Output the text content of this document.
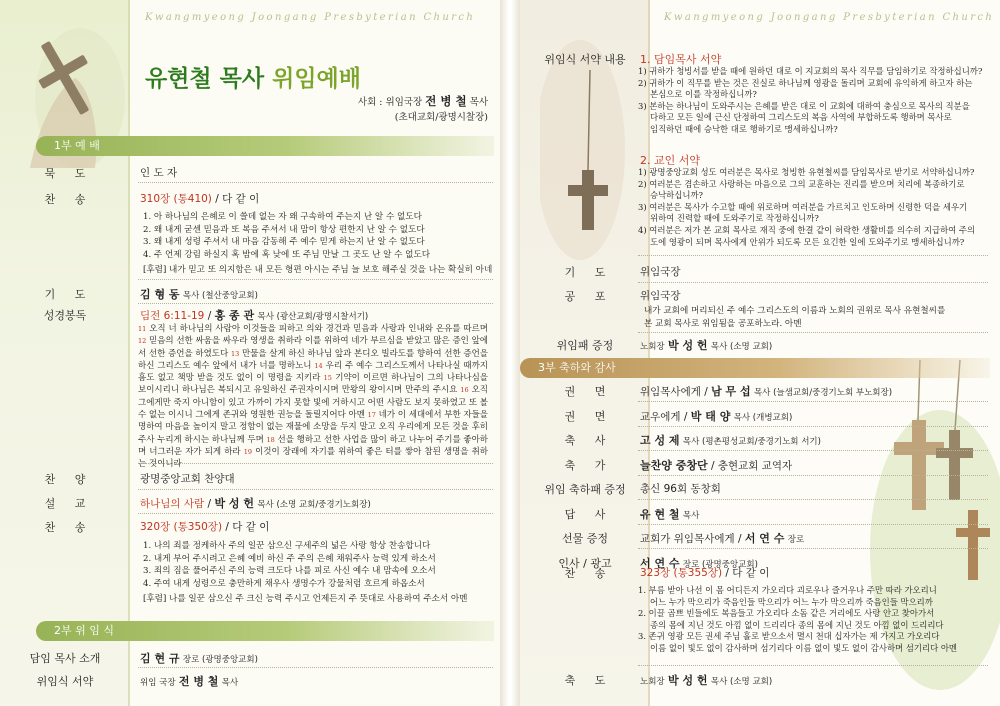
Kwangmyeong Joongang Presbyterian Church
유현철 목사 위임예배
사회 : 위임국장 전 병 철 목사
(초대교회/광명시찰장)
1부 예 배
묵 도	인 도 자
찬 송	310장 (통410) / 다 같 이
1. 아 하나님의 은혜로 이 쓸데 없는 자 왜 구속하여 주는지 난 알 수 없도다
2. 왜 내게 굳센 믿음과 또 복음 주셔서 내 맘이 항상 편한지 난 알 수 없도다
3. 왜 내게 성령 주셔서 내 마음 감동해 주 예수 믿게 하는지 난 알 수 없도다
4. 주 언제 강림 하실지 혹 밤에 혹 낮에 또 주님 만날 그 곳도 난 알 수 없도다
[후렴] 내가 믿고 또 의지함은 내 모든 형편 아시는 주님 늘 보호 해주실 것을 나는 확실히 아네
기 도	김 형 동 목사 (철산중앙교회)
성경봉독	딤전 6:11-19 / 홍 종 관 목사 (광산교회/광명시찰서기)
11 오직 너 하나님의 사람아 이것들을 피하고 의와 경건과 믿음과 사랑과 인내와 온유를 따르며 12 믿음의 선한 싸움을 싸우라 영생을 취하라 이를 위하여 네가 부르심을 받았고 많은 증인 앞에서 선한 증언을 하였도다 13 만물을 살게 하신 하나님 앞과 본디오 빌라도를 향하여 선한 증언을 하신 그리스도 예수 앞에서 내가 너를 명하노니 14 우리 주 예수 그리스도께서 나타나실 때까지 흠도 없고 책망 받을 것도 없이 이 명령을 지키라 15 기약이 이르면 하나님이 그의 나타나심을 보이시리니 하나님은 복되시고 유일하신 주권자이시며 만왕의 왕이시며 만주의 주시요 16 오직 그에게만 죽지 아니함이 있고 가까이 가지 못할 빛에 거하시고 어떤 사람도 보지 못하였고 또 볼 수 없는 이시니 그에게 존귀와 영원한 권능을 돌릴지어다 아멘 17 네가 이 세대에서 부한 자들을 명하여 마음을 높이지 말고 정함이 없는 재물에 소망을 두지 말고 오직 우리에게 모든 것을 후히 주사 누리게 하시는 하나님께 두며 18 선을 행하고 선한 사업을 많이 하고 나누어 주기를 좋아하며 너그러운 자가 되게 하라 19 이것이 장래에 자기를 위하여 좋은 터를 쌓아 참된 생명을 취하는 것이니라
찬 양	광명중앙교회 찬양대
설 교	하나님의 사람 / 박 성 헌 목사 (소명 교회/중경기노회장)
찬 송	320장 (통350장) / 다 같 이
1. 나의 죄를 정케하사 주의 일꾼 삼으신 구세주의 넓은 사랑 항상 찬송합니다
2. 내게 부어 주시려고 은혜 예비 하신 주 주의 은혜 채워주사 능력 있게 하소서
3. 죄의 짐을 풀어주신 주의 능력 크도다 나를 피로 사신 예수 내 맘속에 오소서
4. 주여 내게 성령으로 충만하게 채우사 생명수가 강물처럼 흐르게 하옵소서
[후렴] 나를 일꾼 삼으신 주 크신 능력 주시고 언제든지 주 뜻대로 사용하여 주소서 아멘
2부 위 임 식
담임 목사 소개	김 현 규 장로 (광명중앙교회)
위임식 서약	위임 국장 전 병 철 목사
Kwangmyeong Joongang Presbyterian Church
위임식 서약 내용	1. 담임목사 서약
1) 귀하가 청빙서를 받을 때에 원하던 대로 이 지교회의 목사 직무를 담임하기로 작정하십니까?
2) 귀하가 이 직무를 받는 것은 진실로 하나님께 영광을 돌리며 교회에 유익하게 하고자 하는
본심으로 이를 작정하십니까?
3) 본하는 하나님이 도와주시는 은혜를 받은 대로 이 교회에 대하여 충심으로 목사의 직분을
다하고 모든 일에 근신 단정하여 그리스도의 복음 사역에 부합하도록 행하며 목사로
임직하던 때에 승낙한 대로 행하기로 맹세하십니까?
2. 교인 서약
1) 광명중앙교회 성도 여러분은 목사로 청빙한 유현철씨를 담임목사로 받기로 서약하십니까?
2) 여러분은 겸손하고 사랑하는 마음으로 그의 교훈하는 진리를 받으며 치리에 복종하기로
승낙하십니까?
3) 여러분은 목사가 수고할 때에 위로하며 여러분을 가르치고 인도하며 신령한 덕을 세우기
위하여 진력할 때에 도와주기로 작정하십니까?
4) 여러분은 저가 본 교회 목사로 재직 중에 한결 같이 허락한 생활비를 의수히 지급하여 주의
도에 영광이 되며 목사에게 안위가 되도록 모든 요긴한 일에 도와주기로 맹세하십니까?
기 도	위임국장
공 포	위임국장
내가 교회에 머리되신 주 예수 그리스도의 이름과 노회의 권위로 목사 유현철씨를
본 교회 목사로 위임됨을 공포하노라. 아멘
위임패 증정	노회장 박 성 헌 목사 (소명 교회)
3부 축하와 감사
권 면	위임목사에게 / 남 무 섭 목사 (늘샘교회/중경기노회 부노회장)
권 면	교우에게 / 박 태 양 목사 (개병교회)
축 사	고 성 제 목사 (평촌평성교회/중경기노회 서기)
축 가	늘찬양 중창단 / 충현교회 교역자
위임 축하패 증정	총신 96회 동창회
답 사	유 현 철 목사
선물 증정	교회가 위임목사에게 / 서 연 수 장로
인사 / 광고	서 연 수 장로 (광명중앙교회)
찬 송	323장 (통355장) / 다 같 이
1. 부름 받아 나선 이 몸 어디든지 가오리다 괴로우나 즐거우나 주만 따라 가오리니
어느 누가 막으리가 죽음인들 막으리가 어느 누가 막으리까 죽음인들 막으리까
2. 이끌 곱쁘 빈들에도 복음들고 가오리다 소돔 같은 거리에도 사랑 안고 찾아가서
종의 몸에 지닌 것도 아낌 없이 드리리다 종의 몸에 지닌 것도 아낌 없이 드리리다
3. 존귀 영광 모든 권세 주님 홀로 받으소서 멸시 천대 십자가는 제 가지고 가오리다
이름 없이 빛도 없이 감사하며 섬기리다 이름 없이 빛도 없이 감사하며 섬기리다 아멘
축 도	노회장 박 성 헌 목사 (소명 교회)
